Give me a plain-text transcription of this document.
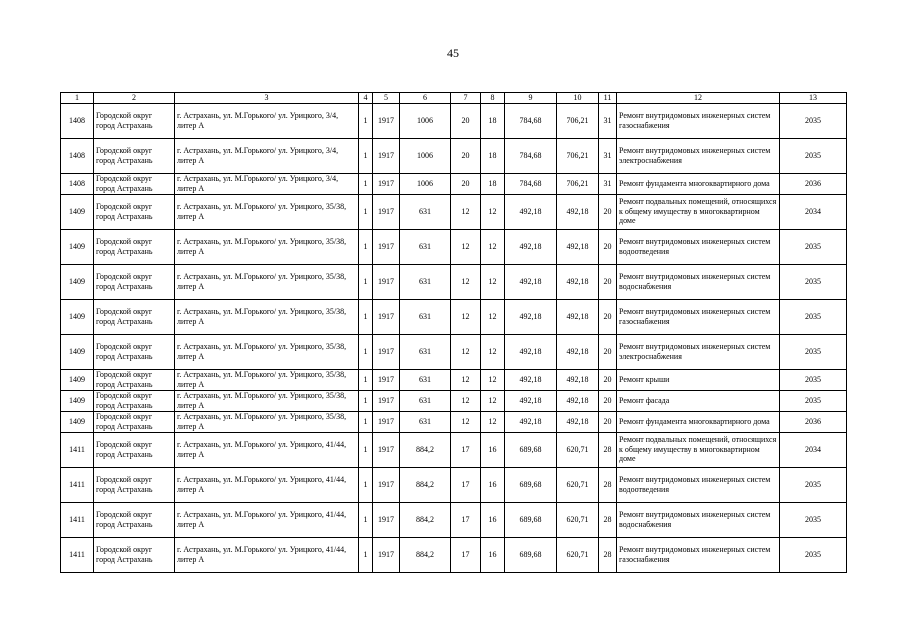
45
1	2	3	4	5	6	7	8	9	10	11	12	13
1408	Городской округ город Астрахань	г. Астрахань, ул. М.Горького/ ул. Урицкого, 3/4, литер А	1	1917	1006	20	18	784,68	706,21	31	Ремонт внутридомовых инженерных систем газоснабжения	2035
1408	Городской округ город Астрахань	г. Астрахань, ул. М.Горького/ ул. Урицкого, 3/4, литер А	1	1917	1006	20	18	784,68	706,21	31	Ремонт внутридомовых инженерных систем электроснабжения	2035
1408	Городской округ город Астрахань	г. Астрахань, ул. М.Горького/ ул. Урицкого, 3/4, литер А	1	1917	1006	20	18	784,68	706,21	31	Ремонт фундамента многоквартирного дома	2036
1409	Городской округ город Астрахань	г. Астрахань, ул. М.Горького/ ул. Урицкого, 35/38, литер А	1	1917	631	12	12	492,18	492,18	20	Ремонт подвальных помещений, относящихся к общему имуществу в многоквартирном доме	2034
1409	Городской округ город Астрахань	г. Астрахань, ул. М.Горького/ ул. Урицкого, 35/38, литер А	1	1917	631	12	12	492,18	492,18	20	Ремонт внутридомовых инженерных систем водоотведения	2035
1409	Городской округ город Астрахань	г. Астрахань, ул. М.Горького/ ул. Урицкого, 35/38, литер А	1	1917	631	12	12	492,18	492,18	20	Ремонт внутридомовых инженерных систем водоснабжения	2035
1409	Городской округ город Астрахань	г. Астрахань, ул. М.Горького/ ул. Урицкого, 35/38, литер А	1	1917	631	12	12	492,18	492,18	20	Ремонт внутридомовых инженерных систем газоснабжения	2035
1409	Городской округ город Астрахань	г. Астрахань, ул. М.Горького/ ул. Урицкого, 35/38, литер А	1	1917	631	12	12	492,18	492,18	20	Ремонт внутридомовых инженерных систем электроснабжения	2035
1409	Городской округ город Астрахань	г. Астрахань, ул. М.Горького/ ул. Урицкого, 35/38, литер А	1	1917	631	12	12	492,18	492,18	20	Ремонт крыши	2035
1409	Городской округ город Астрахань	г. Астрахань, ул. М.Горького/ ул. Урицкого, 35/38, литер А	1	1917	631	12	12	492,18	492,18	20	Ремонт фасада	2035
1409	Городской округ город Астрахань	г. Астрахань, ул. М.Горького/ ул. Урицкого, 35/38, литер А	1	1917	631	12	12	492,18	492,18	20	Ремонт фундамента многоквартирного дома	2036
1411	Городской округ город Астрахань	г. Астрахань, ул. М.Горького/ ул. Урицкого, 41/44, литер А	1	1917	884,2	17	16	689,68	620,71	28	Ремонт подвальных помещений, относящихся к общему имуществу в многоквартирном доме	2034
1411	Городской округ город Астрахань	г. Астрахань, ул. М.Горького/ ул. Урицкого, 41/44, литер А	1	1917	884,2	17	16	689,68	620,71	28	Ремонт внутридомовых инженерных систем водоотведения	2035
1411	Городской округ город Астрахань	г. Астрахань, ул. М.Горького/ ул. Урицкого, 41/44, литер А	1	1917	884,2	17	16	689,68	620,71	28	Ремонт внутридомовых инженерных систем водоснабжения	2035
1411	Городской округ город Астрахань	г. Астрахань, ул. М.Горького/ ул. Урицкого, 41/44, литер А	1	1917	884,2	17	16	689,68	620,71	28	Ремонт внутридомовых инженерных систем газоснабжения	2035
